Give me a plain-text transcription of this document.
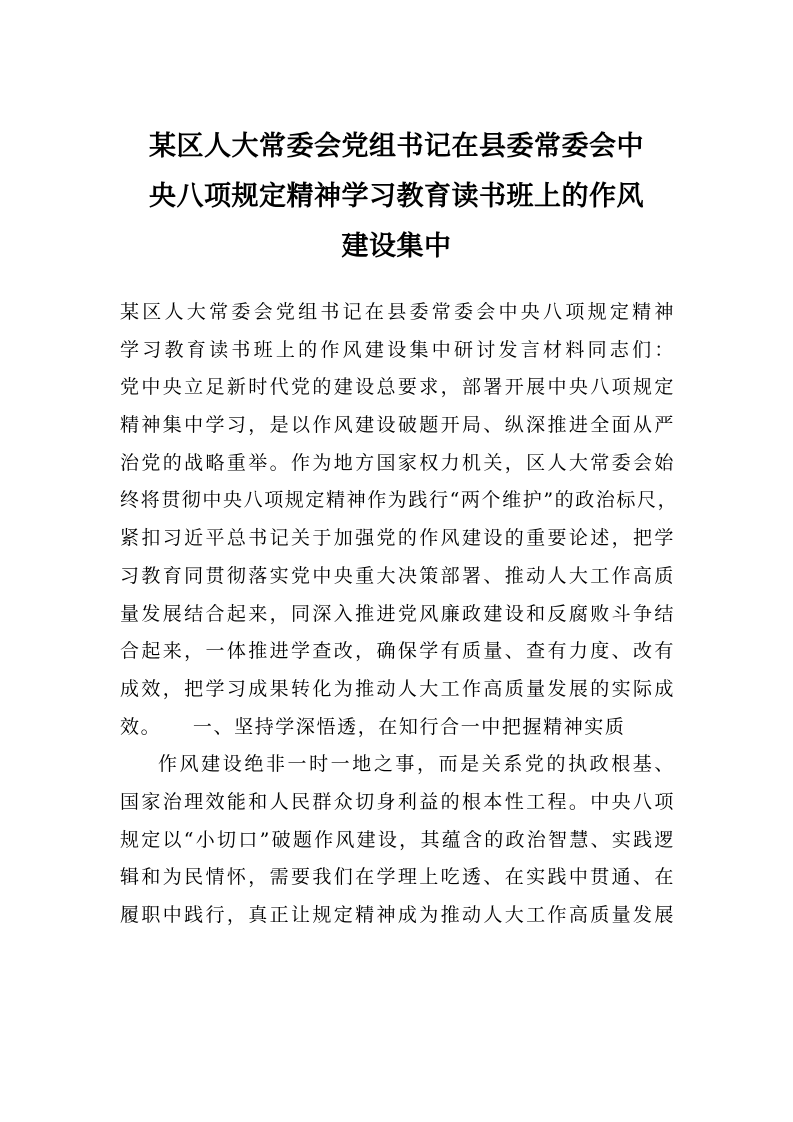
某区人大常委会党组书记在县委常委会中
央八项规定精神学习教育读书班上的作风
建设集中
某区人大常委会党组书记在县委常委会中央八项规定精神
学习教育读书班上的作风建设集中研讨发言材料同志们：
党中央立足新时代党的建设总要求，部署开展中央八项规定
精神集中学习，是以作风建设破题开局、纵深推进全面从严
治党的战略重举。作为地方国家权力机关，区人大常委会始
终将贯彻中央八项规定精神作为践行“两个维护”的政治标尺，
紧扣习近平总书记关于加强党的作风建设的重要论述，把学
习教育同贯彻落实党中央重大决策部署、推动人大工作高质
量发展结合起来，同深入推进党风廉政建设和反腐败斗争结
合起来，一体推进学查改，确保学有质量、查有力度、改有
成效，把学习成果转化为推动人大工作高质量发展的实际成
效。　　一、坚持学深悟透，在知行合一中把握精神实质
作风建设绝非一时一地之事，而是关系党的执政根基、
国家治理效能和人民群众切身利益的根本性工程。中央八项
规定以“小切口”破题作风建设，其蕴含的政治智慧、实践逻
辑和为民情怀，需要我们在学理上吃透、在实践中贯通、在
履职中践行，真正让规定精神成为推动人大工作高质量发展
